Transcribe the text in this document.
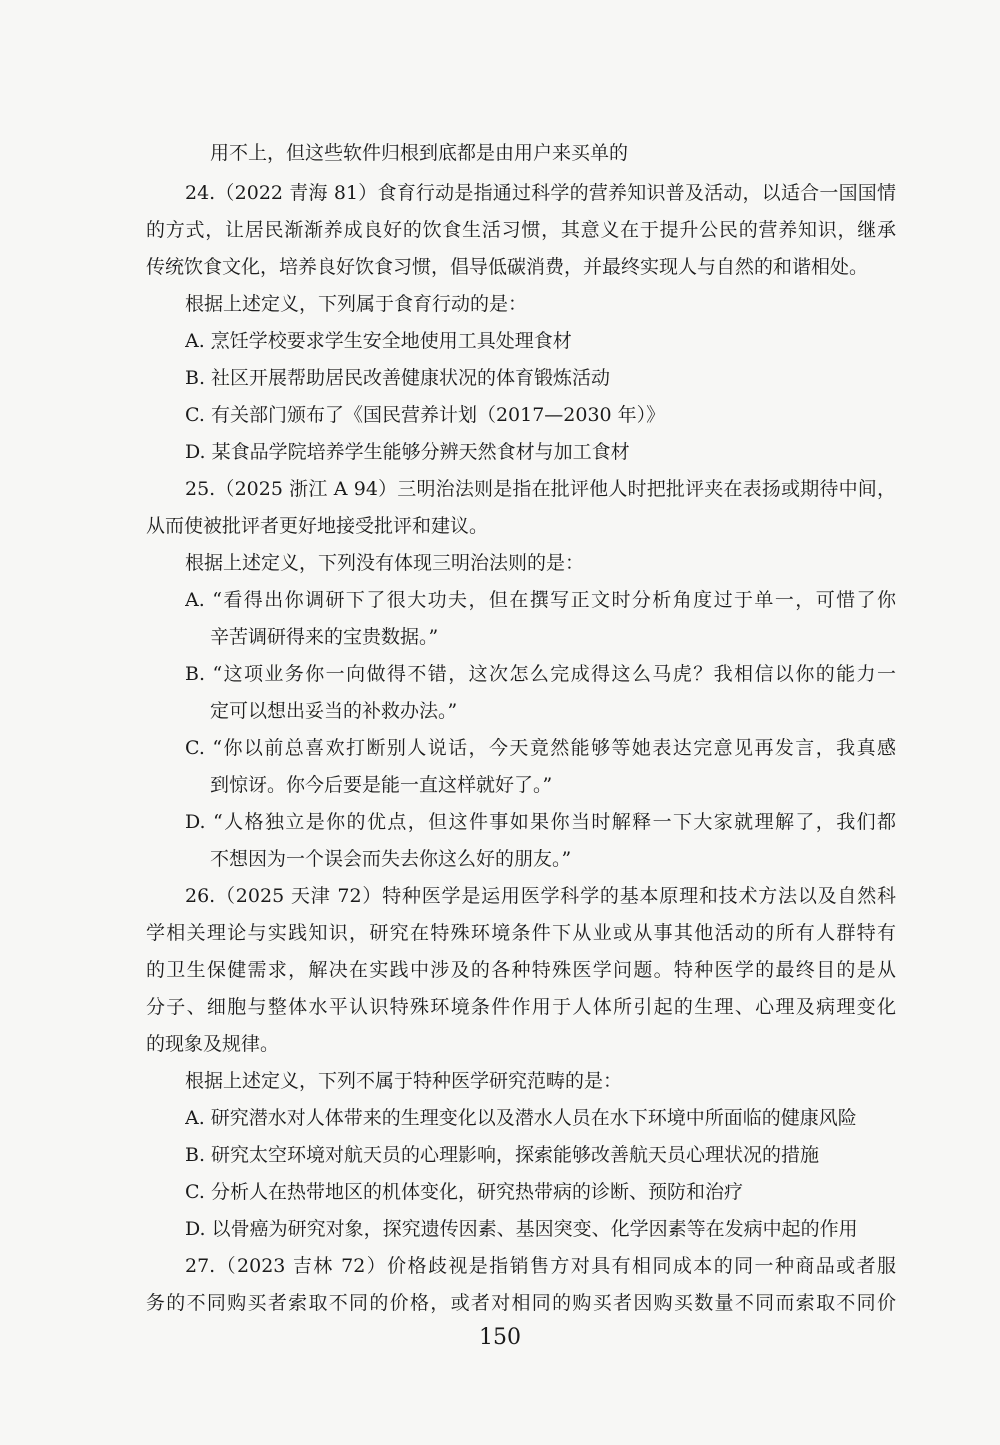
用不上，但这些软件归根到底都是由用户来买单的
24.（2022 青海 81）食育行动是指通过科学的营养知识普及活动，以适合一国国情
的方式，让居民渐渐养成良好的饮食生活习惯，其意义在于提升公民的营养知识，继承
传统饮食文化，培养良好饮食习惯，倡导低碳消费，并最终实现人与自然的和谐相处。
根据上述定义，下列属于食育行动的是：
A. 烹饪学校要求学生安全地使用工具处理食材
B. 社区开展帮助居民改善健康状况的体育锻炼活动
C. 有关部门颁布了《国民营养计划（2017—2030 年）》
D. 某食品学院培养学生能够分辨天然食材与加工食材
25.（2025 浙江 A 94）三明治法则是指在批评他人时把批评夹在表扬或期待中间，
从而使被批评者更好地接受批评和建议。
根据上述定义，下列没有体现三明治法则的是：
A. “看得出你调研下了很大功夫，但在撰写正文时分析角度过于单一，可惜了你
辛苦调研得来的宝贵数据。”
B. “这项业务你一向做得不错，这次怎么完成得这么马虎？我相信以你的能力一
定可以想出妥当的补救办法。”
C. “你以前总喜欢打断别人说话，今天竟然能够等她表达完意见再发言，我真感
到惊讶。你今后要是能一直这样就好了。”
D. “人格独立是你的优点，但这件事如果你当时解释一下大家就理解了，我们都
不想因为一个误会而失去你这么好的朋友。”
26.（2025 天津 72）特种医学是运用医学科学的基本原理和技术方法以及自然科
学相关理论与实践知识，研究在特殊环境条件下从业或从事其他活动的所有人群特有
的卫生保健需求，解决在实践中涉及的各种特殊医学问题。特种医学的最终目的是从
分子、细胞与整体水平认识特殊环境条件作用于人体所引起的生理、心理及病理变化
的现象及规律。
根据上述定义，下列不属于特种医学研究范畴的是：
A. 研究潜水对人体带来的生理变化以及潜水人员在水下环境中所面临的健康风险
B. 研究太空环境对航天员的心理影响，探索能够改善航天员心理状况的措施
C. 分析人在热带地区的机体变化，研究热带病的诊断、预防和治疗
D. 以骨癌为研究对象，探究遗传因素、基因突变、化学因素等在发病中起的作用
27.（2023 吉林 72）价格歧视是指销售方对具有相同成本的同一种商品或者服
务的不同购买者索取不同的价格，或者对相同的购买者因购买数量不同而索取不同价
150
